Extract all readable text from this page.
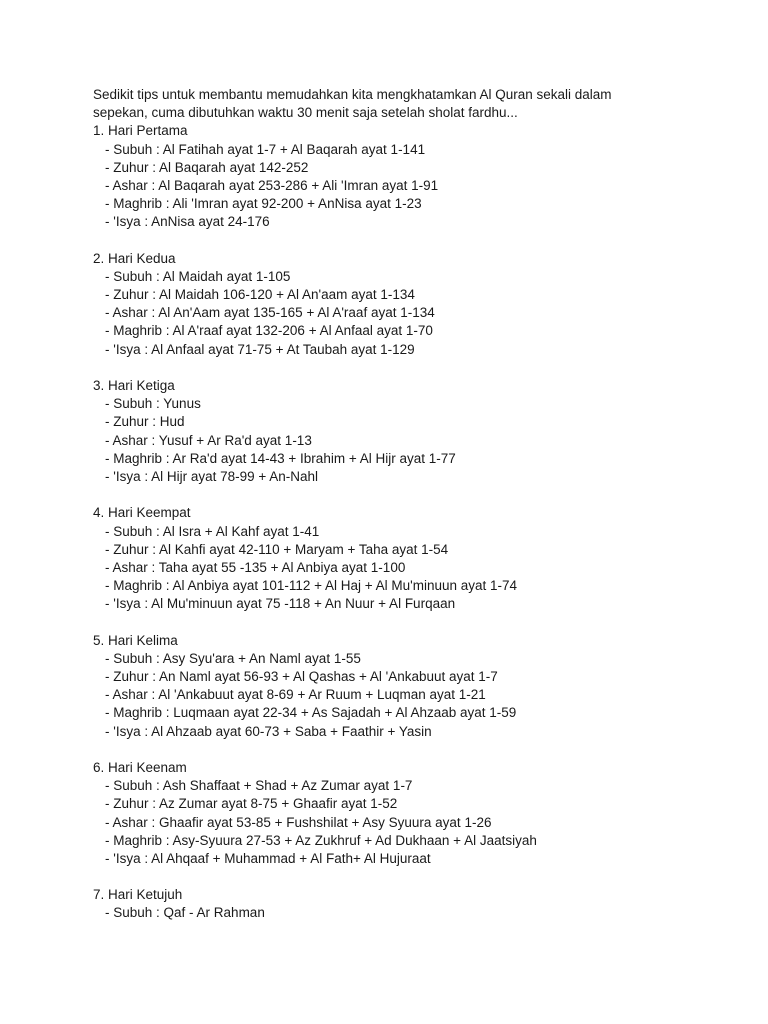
Sedikit tips untuk membantu memudahkan kita mengkhatamkan Al Quran sekali dalam
sepekan, cuma dibutuhkan waktu 30 menit saja setelah sholat fardhu...
1. Hari Pertama
- Subuh : Al Fatihah ayat 1-7 + Al Baqarah ayat 1-141
- Zuhur : Al Baqarah ayat 142-252
- Ashar : Al Baqarah ayat 253-286 + Ali 'Imran ayat 1-91
- Maghrib : Ali 'Imran ayat 92-200 + AnNisa ayat 1-23
- 'Isya : AnNisa ayat 24-176
2. Hari Kedua
- Subuh : Al Maidah ayat 1-105
- Zuhur : Al Maidah 106-120 + Al An'aam ayat 1-134
- Ashar : Al An'Aam ayat 135-165 + Al A'raaf ayat 1-134
- Maghrib : Al A'raaf ayat 132-206 + Al Anfaal ayat 1-70
- 'Isya : Al Anfaal ayat 71-75 + At Taubah ayat 1-129
3. Hari Ketiga
- Subuh : Yunus
- Zuhur : Hud
- Ashar : Yusuf + Ar Ra'd ayat 1-13
- Maghrib : Ar Ra'd ayat 14-43 + Ibrahim + Al Hijr ayat 1-77
- 'Isya : Al Hijr ayat 78-99 + An-Nahl
4. Hari Keempat
- Subuh : Al Isra + Al Kahf ayat 1-41
- Zuhur : Al Kahfi ayat 42-110 + Maryam + Taha ayat 1-54
- Ashar : Taha ayat 55 -135 + Al Anbiya ayat 1-100
- Maghrib : Al Anbiya ayat 101-112 + Al Haj + Al Mu'minuun ayat 1-74
- 'Isya : Al Mu'minuun ayat 75 -118 + An Nuur + Al Furqaan
5. Hari Kelima
- Subuh : Asy Syu'ara + An Naml ayat 1-55
- Zuhur : An Naml ayat 56-93 + Al Qashas + Al 'Ankabuut ayat 1-7
- Ashar : Al 'Ankabuut ayat 8-69 + Ar Ruum + Luqman ayat 1-21
- Maghrib : Luqmaan ayat 22-34 + As Sajadah + Al Ahzaab ayat 1-59
- 'Isya : Al Ahzaab ayat 60-73 + Saba + Faathir + Yasin
6. Hari Keenam
- Subuh : Ash Shaffaat + Shad + Az Zumar ayat 1-7
- Zuhur : Az Zumar ayat 8-75 + Ghaafir ayat 1-52
- Ashar : Ghaafir ayat 53-85 + Fushshilat + Asy Syuura ayat 1-26
- Maghrib : Asy-Syuura 27-53 + Az Zukhruf + Ad Dukhaan + Al Jaatsiyah
- 'Isya : Al Ahqaaf + Muhammad + Al Fath+ Al Hujuraat
7. Hari Ketujuh
- Subuh : Qaf - Ar Rahman
